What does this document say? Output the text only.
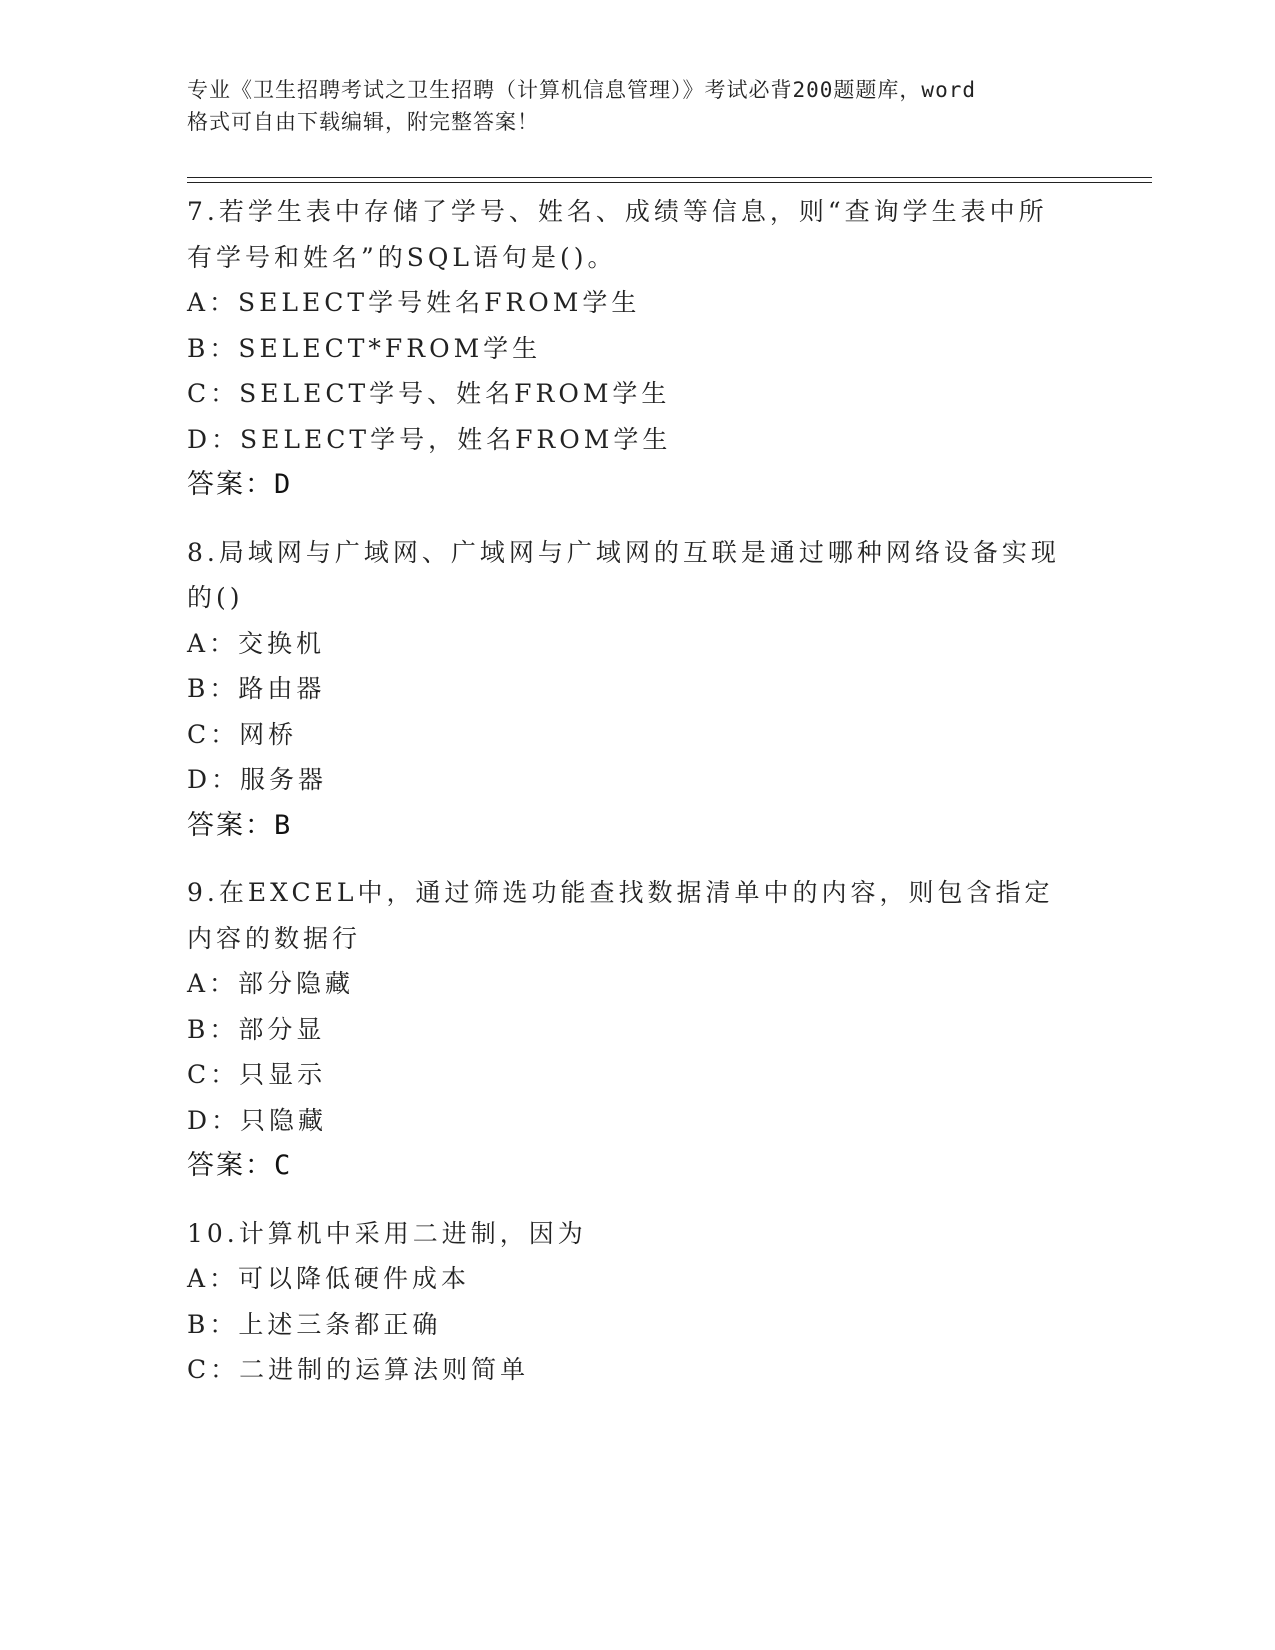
专业《卫生招聘考试之卫生招聘（计算机信息管理）》考试必背200题题库，word
格式可自由下载编辑，附完整答案！

7.若学生表中存储了学号、姓名、成绩等信息，则“查询学生表中所有学号和姓名”的SQL语句是()。

A：SELECT学号姓名FROM学生

B：SELECT*FROM学生

C：SELECT学号、姓名FROM学生

D：SELECT学号，姓名FROM学生

答案：D

8.局域网与广域网、广域网与广域网的互联是通过哪种网络设备实现的()

A：交换机

B：路由器

C：网桥

D：服务器

答案：B

9.在EXCEL中，通过筛选功能查找数据清单中的内容，则包含指定内容的数据行

A：部分隐藏

B：部分显

C：只显示

D：只隐藏

答案：C

10.计算机中采用二进制，因为

A：可以降低硬件成本

B：上述三条都正确

C：二进制的运算法则简单
